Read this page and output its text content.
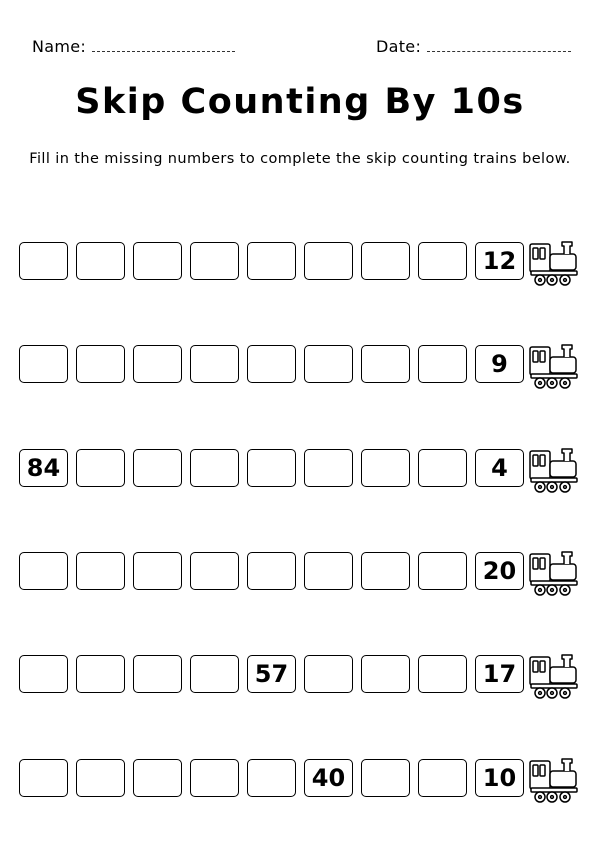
Name:	Date:
Skip Counting By 10s
Fill in the missing numbers to complete the skip counting trains below.
12
9
84	4
20
57	17
40	10
